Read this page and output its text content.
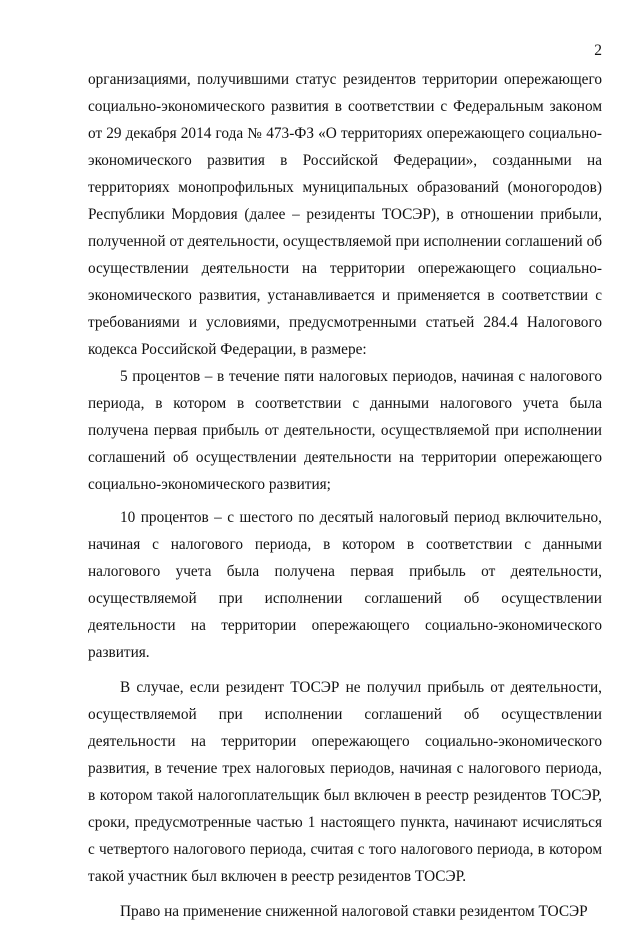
2

организациями, получившими статус резидентов территории опережающего социально-экономического развития в соответствии с Федеральным законом от 29 декабря 2014 года № 473-ФЗ «О территориях опережающего социально-экономического развития в Российской Федерации», созданными на территориях монопрофильных муниципальных образований (моногородов) Республики Мордовия (далее – резиденты ТОСЭР), в отношении прибыли, полученной от деятельности, осуществляемой при исполнении соглашений об осуществлении деятельности на территории опережающего социально-экономического развития, устанавливается и применяется в соответствии с требованиями и условиями, предусмотренными статьей 284.4 Налогового кодекса Российской Федерации, в размере:

5 процентов – в течение пяти налоговых периодов, начиная с налогового периода, в котором в соответствии с данными налогового учета была получена первая прибыль от деятельности, осуществляемой при исполнении соглашений об осуществлении деятельности на территории опережающего социально-экономического развития;

10 процентов – с шестого по десятый налоговый период включительно, начиная с налогового периода, в котором в соответствии с данными налогового учета была получена первая прибыль от деятельности, осуществляемой при исполнении соглашений об осуществлении деятельности на территории опережающего социально-экономического развития.

В случае, если резидент ТОСЭР не получил прибыль от деятельности, осуществляемой при исполнении соглашений об осуществлении деятельности на территории опережающего социально-экономического развития, в течение трех налоговых периодов, начиная с налогового периода, в котором такой налогоплательщик был включен в реестр резидентов ТОСЭР, сроки, предусмотренные частью 1 настоящего пункта, начинают исчисляться с четвертого налогового периода, считая с того налогового периода, в котором такой участник был включен в реестр резидентов ТОСЭР.

Право на применение сниженной налоговой ставки резидентом ТОСЭР
